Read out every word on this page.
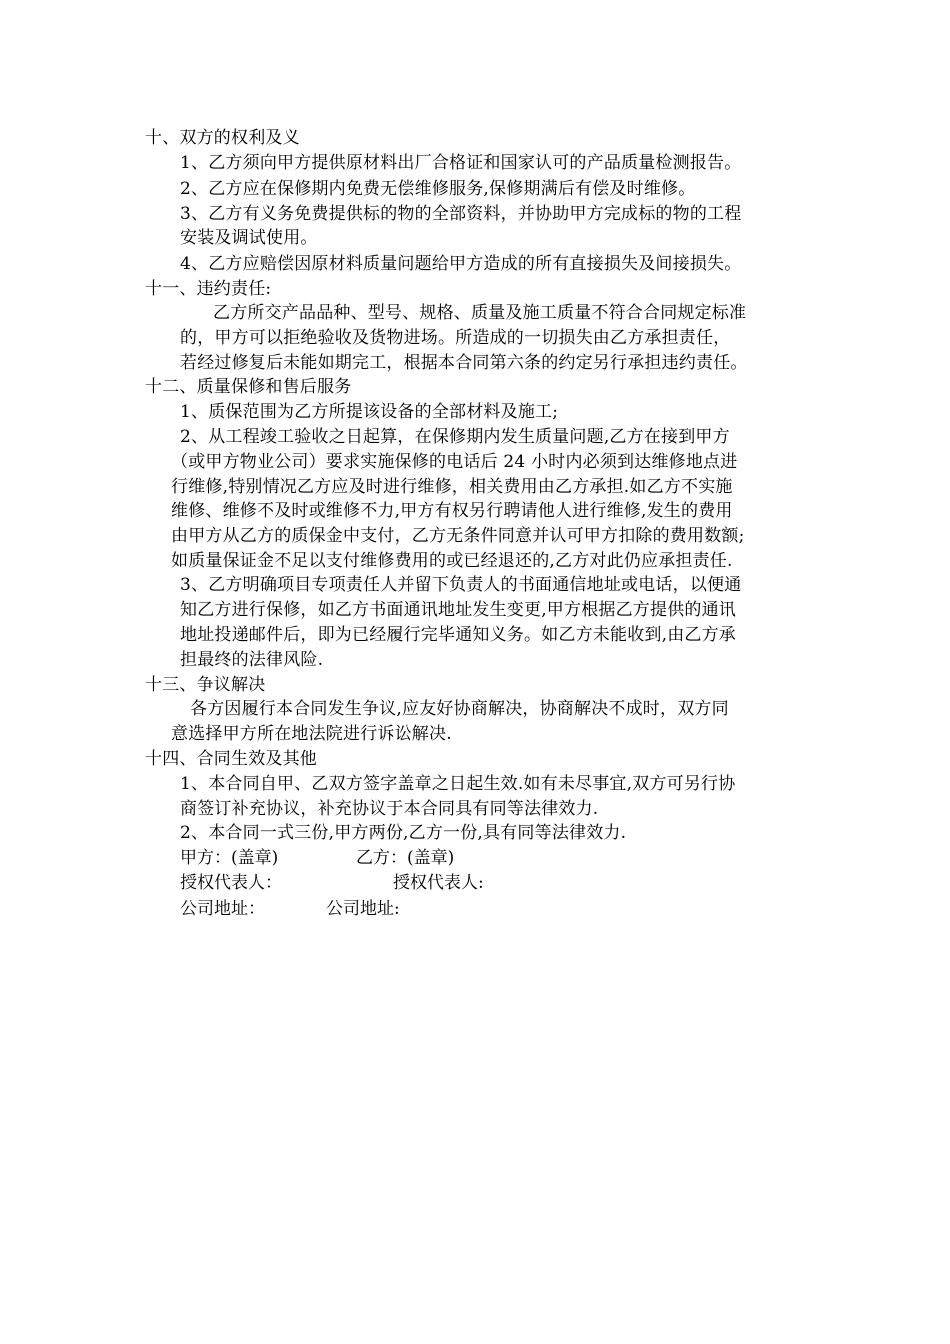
十、双方的权利及义
1、乙方须向甲方提供原材料出厂合格证和国家认可的产品质量检测报告。
2、乙方应在保修期内免费无偿维修服务,保修期满后有偿及时维修。
3、乙方有义务免费提供标的物的全部资料，并协助甲方完成标的物的工程
安装及调试使用。
4、乙方应赔偿因原材料质量问题给甲方造成的所有直接损失及间接损失。
十一、违约责任:
乙方所交产品品种、型号、规格、质量及施工质量不符合合同规定标准
的，甲方可以拒绝验收及货物进场。所造成的一切损失由乙方承担责任，
若经过修复后未能如期完工，根据本合同第六条的约定另行承担违约责任。
十二、质量保修和售后服务
1、质保范围为乙方所提该设备的全部材料及施工;
2、从工程竣工验收之日起算，在保修期内发生质量问题,乙方在接到甲方
（或甲方物业公司）要求实施保修的电话后 24 小时内必须到达维修地点进
行维修,特别情况乙方应及时进行维修，相关费用由乙方承担.如乙方不实施
维修、维修不及时或维修不力,甲方有权另行聘请他人进行维修,发生的费用
由甲方从乙方的质保金中支付，乙方无条件同意并认可甲方扣除的费用数额;
如质量保证金不足以支付维修费用的或已经退还的,乙方对此仍应承担责任.
3、乙方明确项目专项责任人并留下负责人的书面通信地址或电话，以便通
知乙方进行保修，如乙方书面通讯地址发生变更,甲方根据乙方提供的通讯
地址投递邮件后，即为已经履行完毕通知义务。如乙方未能收到,由乙方承
担最终的法律风险.
十三、争议解决
各方因履行本合同发生争议,应友好协商解决，协商解决不成时，双方同
意选择甲方所在地法院进行诉讼解决.
十四、合同生效及其他
1、本合同自甲、乙双方签字盖章之日起生效.如有未尽事宜,双方可另行协
商签订补充协议，补充协议于本合同具有同等法律效力.
2、本合同一式三份,甲方两份,乙方一份,具有同等法律效力.
甲方：(盖章)	乙方：(盖章)
授权代表人：	授权代表人:
公司地址：	公司地址:
